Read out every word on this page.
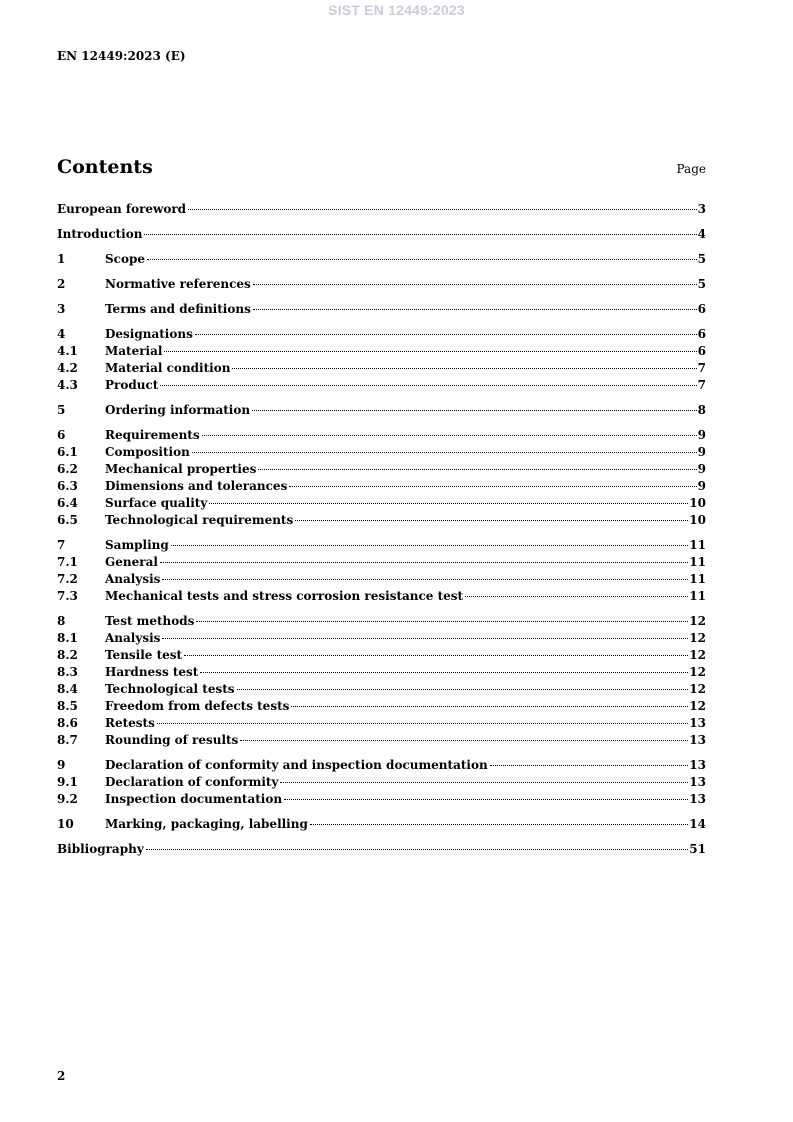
SIST EN 12449:2023
EN 12449:2023 (E)
Contents	Page
European foreword	3
Introduction	4
1	Scope	5
2	Normative references	5
3	Terms and definitions	6
4	Designations	6
4.1	Material	6
4.2	Material condition	7
4.3	Product	7
5	Ordering information	8
6	Requirements	9
6.1	Composition	9
6.2	Mechanical properties	9
6.3	Dimensions and tolerances	9
6.4	Surface quality	10
6.5	Technological requirements	10
7	Sampling	11
7.1	General	11
7.2	Analysis	11
7.3	Mechanical tests and stress corrosion resistance test	11
8	Test methods	12
8.1	Analysis	12
8.2	Tensile test	12
8.3	Hardness test	12
8.4	Technological tests	12
8.5	Freedom from defects tests	12
8.6	Retests	13
8.7	Rounding of results	13
9	Declaration of conformity and inspection documentation	13
9.1	Declaration of conformity	13
9.2	Inspection documentation	13
10	Marking, packaging, labelling	14
Bibliography	51
2
